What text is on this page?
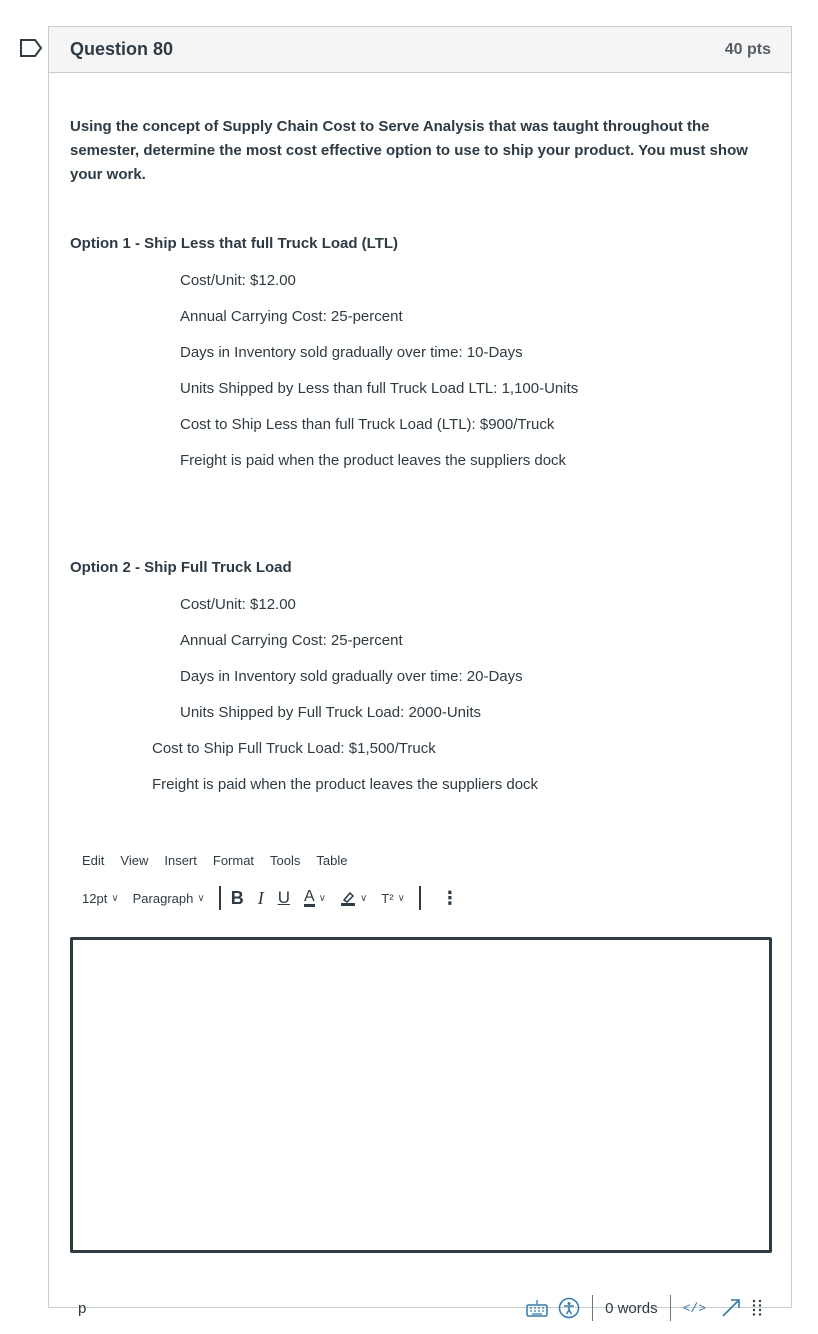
Question 80	40 pts

Using the concept of Supply Chain Cost to Serve Analysis that was taught throughout the semester, determine the most cost effective option to use to ship your product. You must show your work.

Option 1 - Ship Less that full Truck Load (LTL)

Cost/Unit: $12.00

Annual Carrying Cost: 25-percent

Days in Inventory sold gradually over time: 10-Days

Units Shipped by Less than full Truck Load LTL: 1,100-Units

Cost to Ship Less than full Truck Load (LTL): $900/Truck

Freight is paid when the product leaves the suppliers dock

Option 2 - Ship Full Truck Load

Cost/Unit: $12.00

Annual Carrying Cost: 25-percent

Days in Inventory sold gradually over time: 20-Days

Units Shipped by Full Truck Load: 2000-Units

Cost to Ship Full Truck Load: $1,500/Truck

Freight is paid when the product leaves the suppliers dock

Edit View Insert Format Tools Table
12pt ∨ Paragraph ∨ B I U A ∨	∨ T² ∨ ⋮
p	0 words </>
